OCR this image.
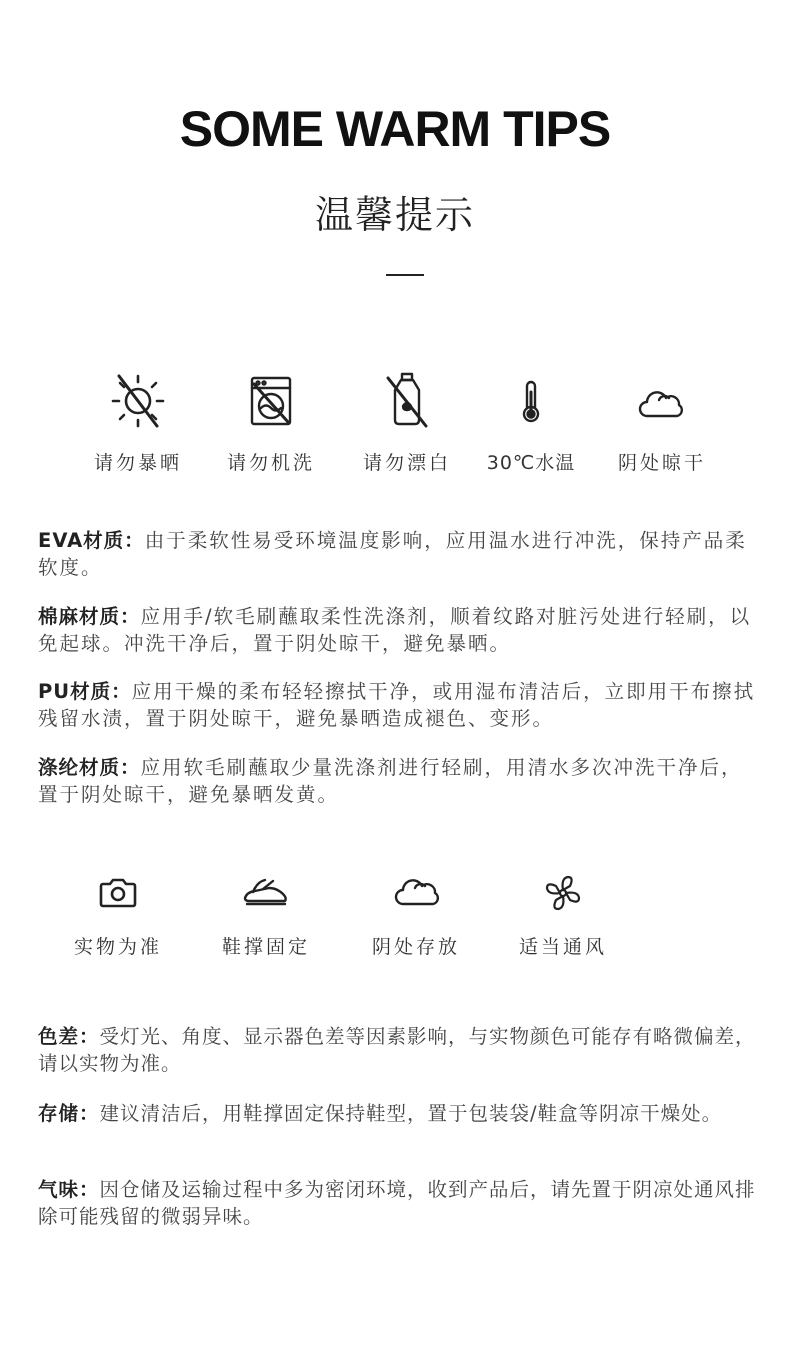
SOME WARM TIPS
温馨提示
请勿暴晒	请勿机洗	请勿漂白	30℃水温	阴处晾干
EVA材质：由于柔软性易受环境温度影响，应用温水进行冲洗，保持产品柔软度。
棉麻材质：应用手/软毛刷蘸取柔性洗涤剂，顺着纹路对脏污处进行轻刷，以免起球。冲洗干净后，置于阴处晾干，避免暴晒。
PU材质：应用干燥的柔布轻轻擦拭干净，或用湿布清洁后，立即用干布擦拭残留水渍，置于阴处晾干，避免暴晒造成褪色、变形。
涤纶材质：应用软毛刷蘸取少量洗涤剂进行轻刷，用清水多次冲洗干净后，置于阴处晾干，避免暴晒发黄。
实物为准	鞋撑固定	阴处存放	适当通风
色差：受灯光、角度、显示器色差等因素影响，与实物颜色可能存有略微偏差，请以实物为准。
存储：建议清洁后，用鞋撑固定保持鞋型，置于包装袋/鞋盒等阴凉干燥处。
气味：因仓储及运输过程中多为密闭环境，收到产品后，请先置于阴凉处通风排除可能残留的微弱异味。
